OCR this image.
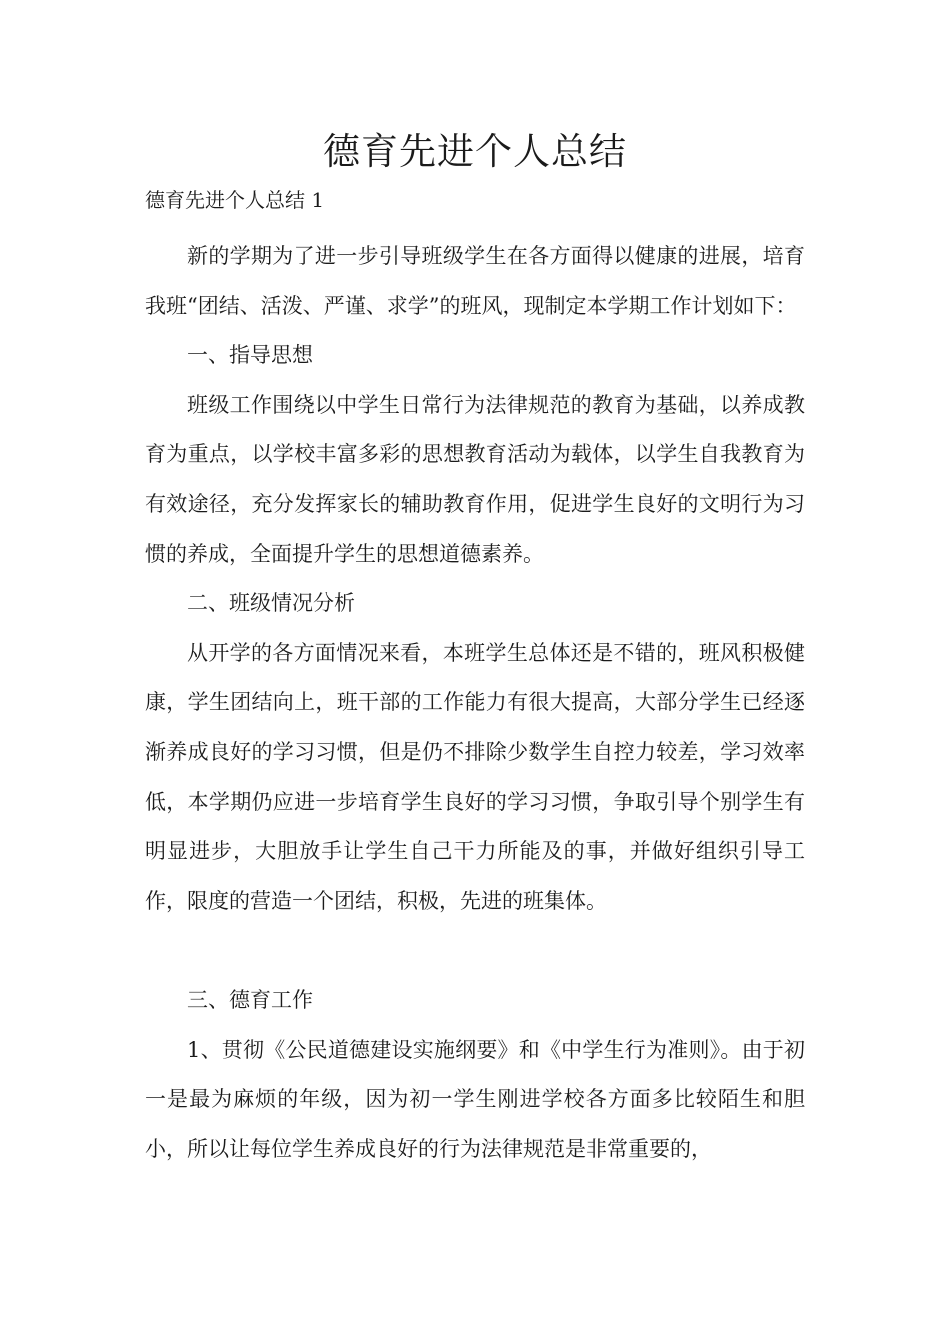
德育先进个人总结
德育先进个人总结 1

新的学期为了进一步引导班级学生在各方面得以健康的进展，培育我班“团结、活泼、严谨、求学”的班风，现制定本学期工作计划如下：

一、指导思想

班级工作围绕以中学生日常行为法律规范的教育为基础，以养成教育为重点，以学校丰富多彩的思想教育活动为载体，以学生自我教育为有效途径，充分发挥家长的辅助教育作用，促进学生良好的文明行为习惯的养成，全面提升学生的思想道德素养。

二、班级情况分析

从开学的各方面情况来看，本班学生总体还是不错的，班风积极健康，学生团结向上，班干部的工作能力有很大提高，大部分学生已经逐渐养成良好的学习习惯，但是仍不排除少数学生自控力较差，学习效率低，本学期仍应进一步培育学生良好的学习习惯，争取引导个别学生有明显进步，大胆放手让学生自己干力所能及的事，并做好组织引导工作，限度的营造一个团结，积极，先进的班集体。

三、德育工作

1、贯彻《公民道德建设实施纲要》和《中学生行为准则》。由于初一是最为麻烦的年级，因为初一学生刚进学校各方面多比较陌生和胆小，所以让每位学生养成良好的行为法律规范是非常重要的，
